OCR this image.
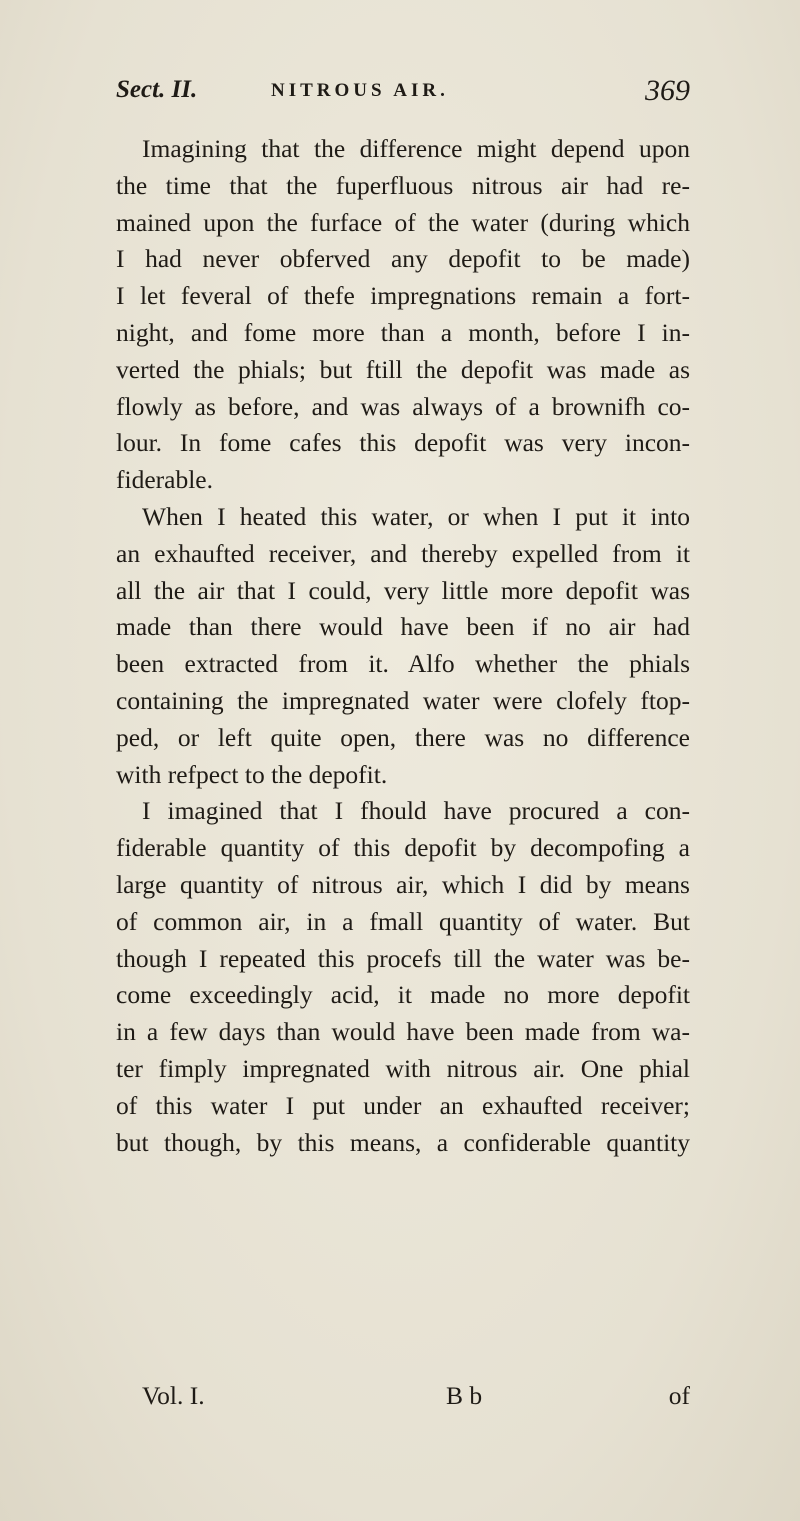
Sect. II.	NITROUS AIR.	369
Imagining that the difference might depend upon
the time that the fuperfluous nitrous air had re-
mained upon the furface of the water (during which
I had never obferved any depofit to be made)
I let feveral of thefe impregnations remain a fort-
night, and fome more than a month, before I in-
verted the phials; but ftill the depofit was made as
flowly as before, and was always of a brownifh co-
lour. In fome cafes this depofit was very incon-
fiderable.
When I heated this water, or when I put it into
an exhaufted receiver, and thereby expelled from it
all the air that I could, very little more depofit was
made than there would have been if no air had
been extracted from it. Alfo whether the phials
containing the impregnated water were clofely ftop-
ped, or left quite open, there was no difference
with refpect to the depofit.
I imagined that I fhould have procured a con-
fiderable quantity of this depofit by decompofing a
large quantity of nitrous air, which I did by means
of common air, in a fmall quantity of water. But
though I repeated this procefs till the water was be-
come exceedingly acid, it made no more depofit
in a few days than would have been made from wa-
ter fimply impregnated with nitrous air. One phial
of this water I put under an exhaufted receiver;
but though, by this means, a confiderable quantity
Vol. I.	B b	of
